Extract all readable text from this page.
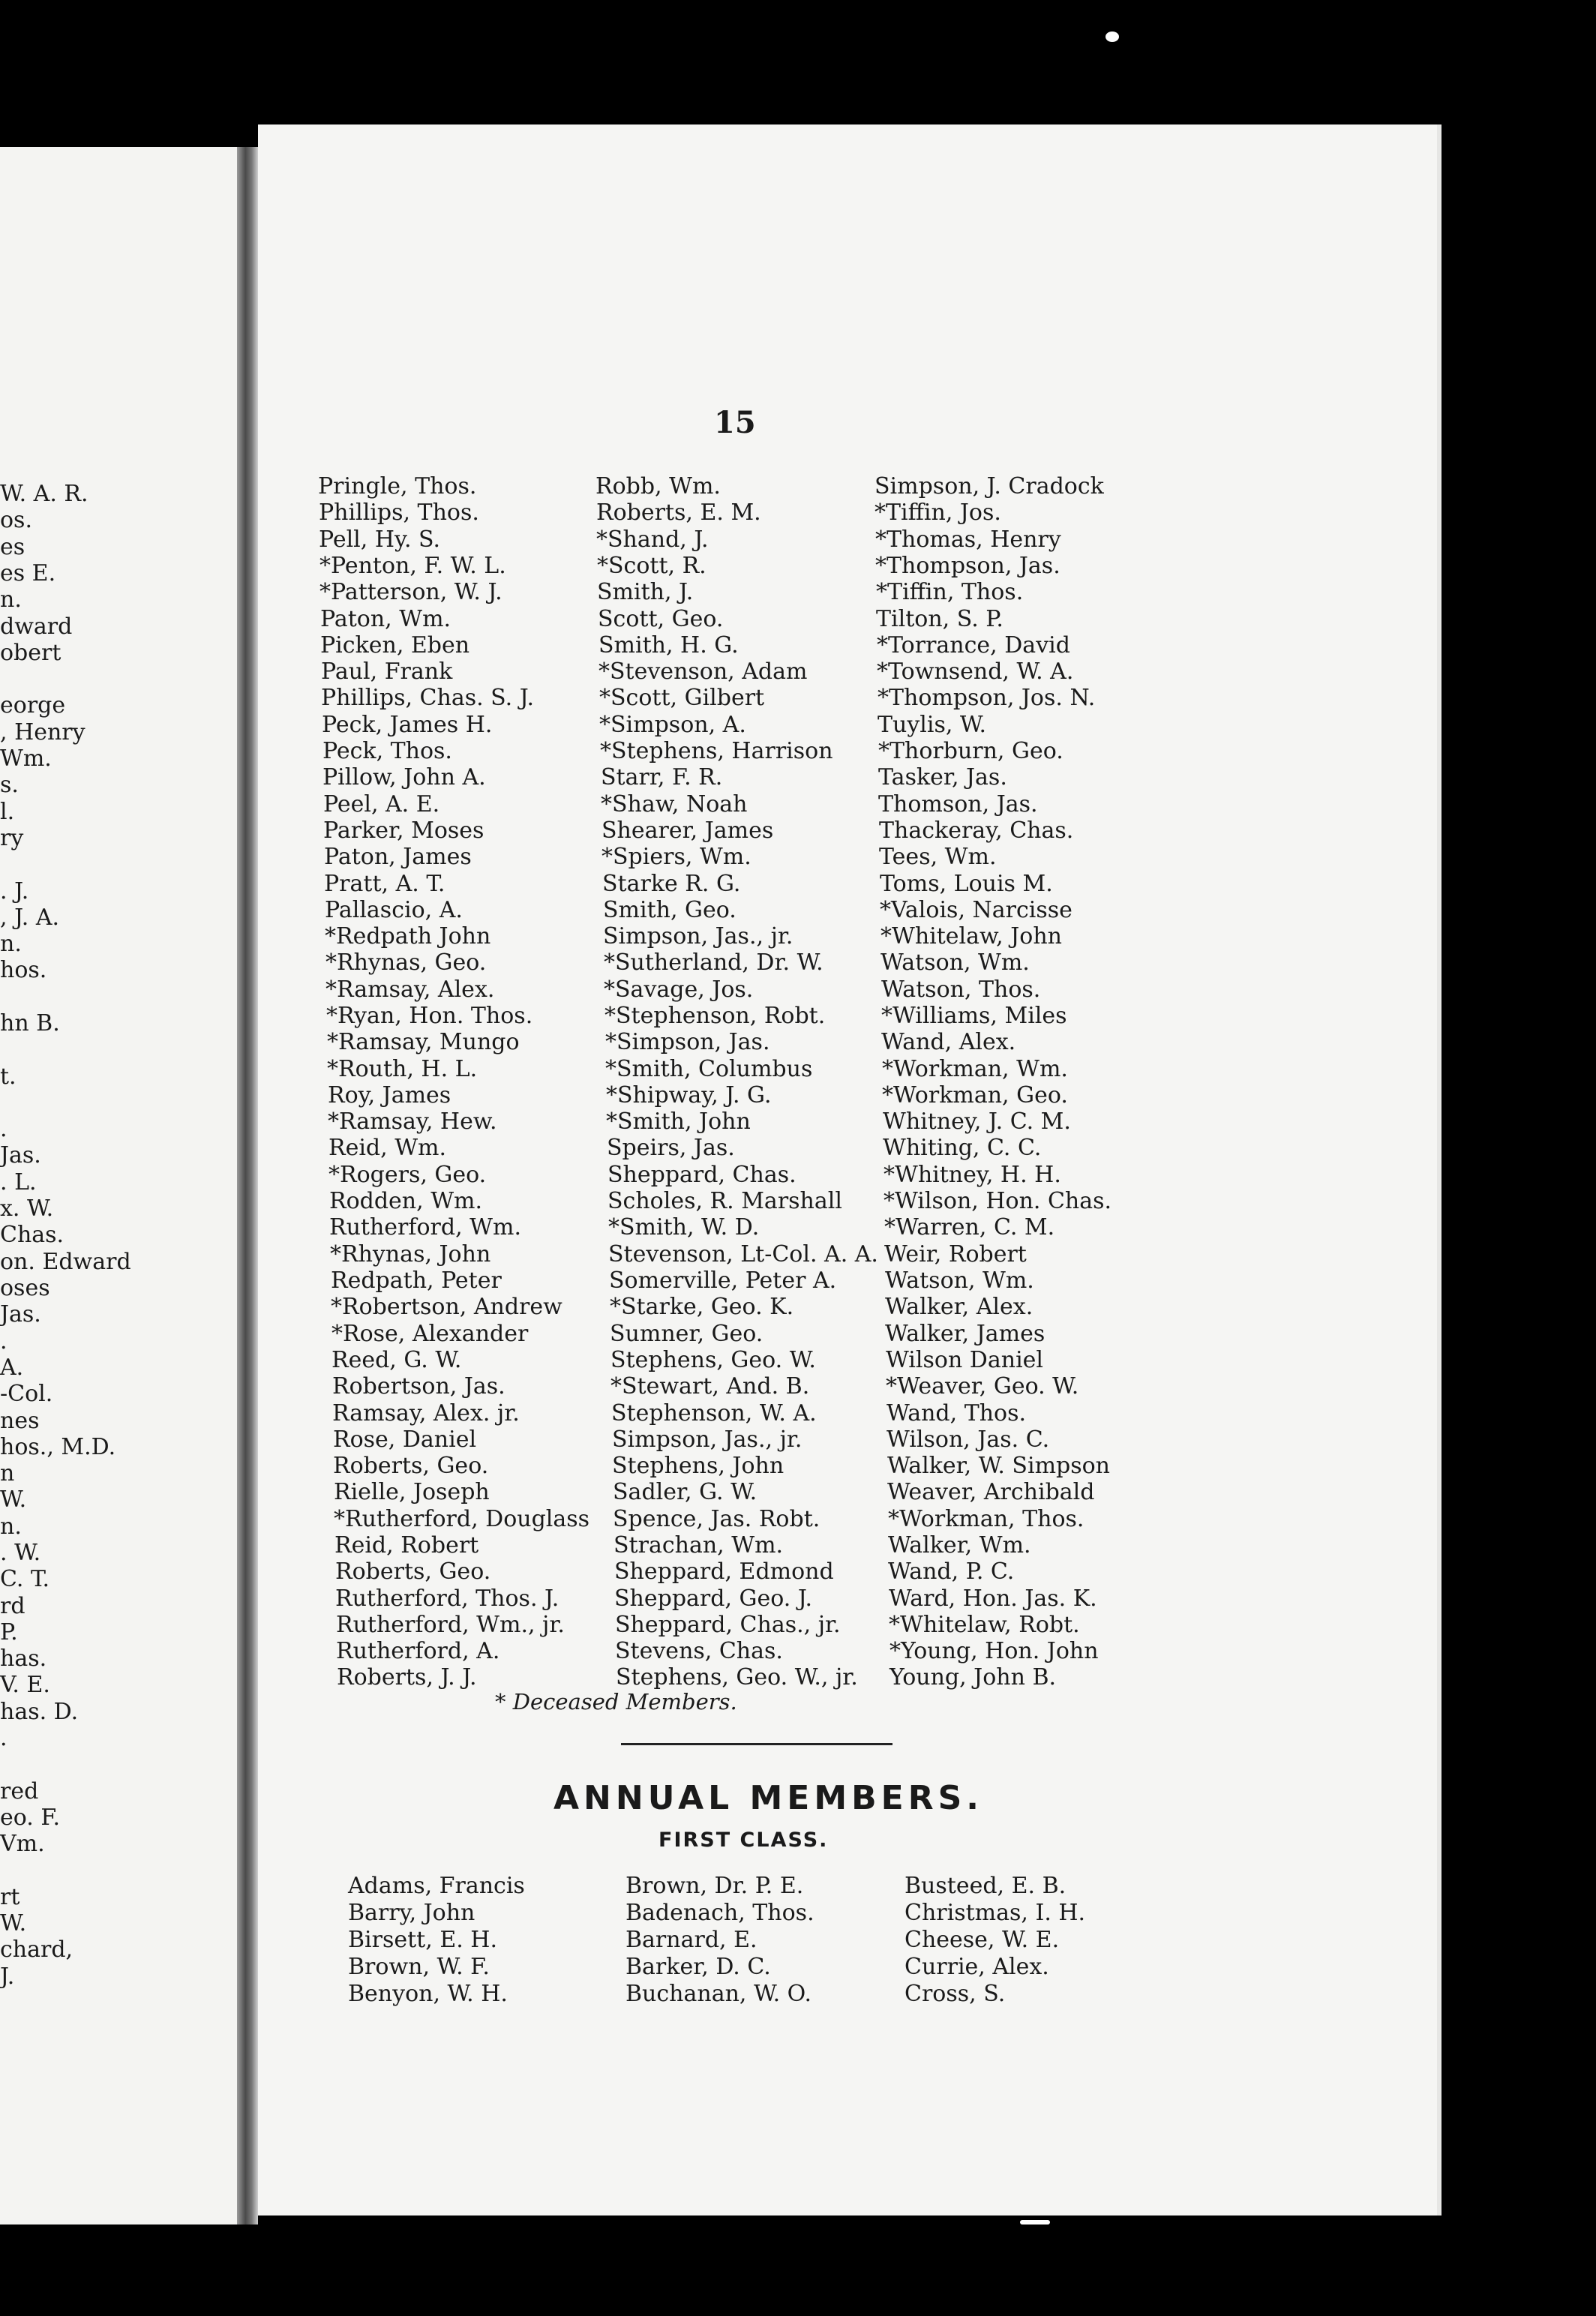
W. A. R.
os.
es
es E.
n.
dward
obert
eorge
, Henry
Wm.
s.
l.
ry
. J.
, J. A.
n.
hos.
hn B.
t.
.
Jas.
. L.
x. W.
Chas.
on. Edward
oses
Jas.
.
A.
-Col.
nes
hos., M.D.
n
W.
n.
. W.
C. T.
rd
P.
has.
V. E.
has. D.
.
red
eo. F.
Vm.
rt
W.
chard,
J.
15
Pringle, Thos.
Phillips, Thos.
Pell, Hy. S.
*Penton, F. W. L.
*Patterson, W. J.
Paton, Wm.
Picken, Eben
Paul, Frank
Phillips, Chas. S. J.
Peck, James H.
Peck, Thos.
Pillow, John A.
Peel, A. E.
Parker, Moses
Paton, James
Pratt, A. T.
Pallascio, A.
*Redpath John
*Rhynas, Geo.
*Ramsay, Alex.
*Ryan, Hon. Thos.
*Ramsay, Mungo
*Routh, H. L.
Roy, James
*Ramsay, Hew.
Reid, Wm.
*Rogers, Geo.
Rodden, Wm.
Rutherford, Wm.
*Rhynas, John
Redpath, Peter
*Robertson, Andrew
*Rose, Alexander
Reed, G. W.
Robertson, Jas.
Ramsay, Alex. jr.
Rose, Daniel
Roberts, Geo.
Rielle, Joseph
*Rutherford, Douglass
Reid, Robert
Roberts, Geo.
Rutherford, Thos. J.
Rutherford, Wm., jr.
Rutherford, A.
Roberts, J. J.
Robb, Wm.
Roberts, E. M.
*Shand, J.
*Scott, R.
Smith, J.
Scott, Geo.
Smith, H. G.
*Stevenson, Adam
*Scott, Gilbert
*Simpson, A.
*Stephens, Harrison
Starr, F. R.
*Shaw, Noah
Shearer, James
*Spiers, Wm.
Starke R. G.
Smith, Geo.
Simpson, Jas., jr.
*Sutherland, Dr. W.
*Savage, Jos.
*Stephenson, Robt.
*Simpson, Jas.
*Smith, Columbus
*Shipway, J. G.
*Smith, John
Speirs, Jas.
Sheppard, Chas.
Scholes, R. Marshall
*Smith, W. D.
Stevenson, Lt-Col. A. A.
Somerville, Peter A.
*Starke, Geo. K.
Sumner, Geo.
Stephens, Geo. W.
*Stewart, And. B.
Stephenson, W. A.
Simpson, Jas., jr.
Stephens, John
Sadler, G. W.
Spence, Jas. Robt.
Strachan, Wm.
Sheppard, Edmond
Sheppard, Geo. J.
Sheppard, Chas., jr.
Stevens, Chas.
Stephens, Geo. W., jr.
Simpson, J. Cradock
*Tiffin, Jos.
*Thomas, Henry
*Thompson, Jas.
*Tiffin, Thos.
Tilton, S. P.
*Torrance, David
*Townsend, W. A.
*Thompson, Jos. N.
Tuylis, W.
*Thorburn, Geo.
Tasker, Jas.
Thomson, Jas.
Thackeray, Chas.
Tees, Wm.
Toms, Louis M.
*Valois, Narcisse
*Whitelaw, John
Watson, Wm.
Watson, Thos.
*Williams, Miles
Wand, Alex.
*Workman, Wm.
*Workman, Geo.
Whitney, J. C. M.
Whiting, C. C.
*Whitney, H. H.
*Wilson, Hon. Chas.
*Warren, C. M.
Weir, Robert
Watson, Wm.
Walker, Alex.
Walker, James
Wilson Daniel
*Weaver, Geo. W.
Wand, Thos.
Wilson, Jas. C.
Walker, W. Simpson
Weaver, Archibald
*Workman, Thos.
Walker, Wm.
Wand, P. C.
Ward, Hon. Jas. K.
*Whitelaw, Robt.
*Young, Hon. John
Young, John B.
* Deceased Members.
ANNUAL MEMBERS.
FIRST CLASS.
Adams, Francis
Barry, John
Birsett, E. H.
Brown, W. F.
Benyon, W. H.
Brown, Dr. P. E.
Badenach, Thos.
Barnard, E.
Barker, D. C.
Buchanan, W. O.
Busteed, E. B.
Christmas, I. H.
Cheese, W. E.
Currie, Alex.
Cross, S.
